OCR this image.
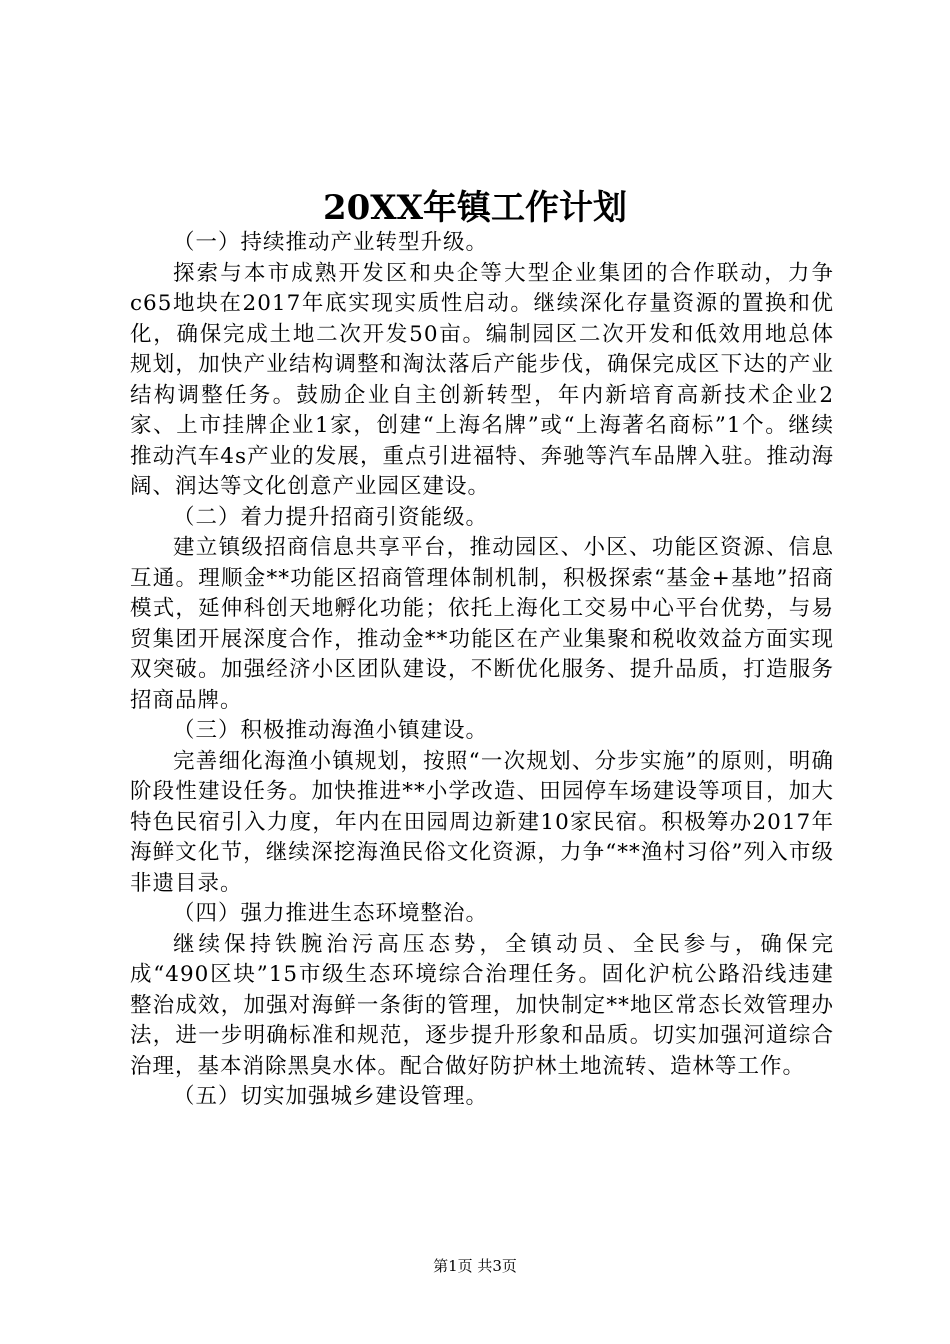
20XX年镇工作计划

（一）持续推动产业转型升级。

探索与本市成熟开发区和央企等大型企业集团的合作联动，力争c65地块在2017年底实现实质性启动。继续深化存量资源的置换和优化，确保完成土地二次开发50亩。编制园区二次开发和低效用地总体规划，加快产业结构调整和淘汰落后产能步伐，确保完成区下达的产业结构调整任务。鼓励企业自主创新转型，年内新培育高新技术企业2家、上市挂牌企业1家，创建“上海名牌”或“上海著名商标”1个。继续推动汽车4s产业的发展，重点引进福特、奔驰等汽车品牌入驻。推动海阔、润达等文化创意产业园区建设。

（二）着力提升招商引资能级。

建立镇级招商信息共享平台，推动园区、小区、功能区资源、信息互通。理顺金**功能区招商管理体制机制，积极探索“基金+基地”招商模式，延伸科创天地孵化功能；依托上海化工交易中心平台优势，与易贸集团开展深度合作，推动金**功能区在产业集聚和税收效益方面实现双突破。加强经济小区团队建设，不断优化服务、提升品质，打造服务招商品牌。

（三）积极推动海渔小镇建设。

完善细化海渔小镇规划，按照“一次规划、分步实施”的原则，明确阶段性建设任务。加快推进**小学改造、田园停车场建设等项目，加大特色民宿引入力度，年内在田园周边新建10家民宿。积极筹办2017年海鲜文化节，继续深挖海渔民俗文化资源，力争“**渔村习俗”列入市级非遗目录。

（四）强力推进生态环境整治。

继续保持铁腕治污高压态势，全镇动员、全民参与，确保完成“490区块”15市级生态环境综合治理任务。固化沪杭公路沿线违建整治成效，加强对海鲜一条街的管理，加快制定**地区常态长效管理办法，进一步明确标准和规范，逐步提升形象和品质。切实加强河道综合治理，基本消除黑臭水体。配合做好防护林土地流转、造林等工作。

（五）切实加强城乡建设管理。

第1页 共3页
